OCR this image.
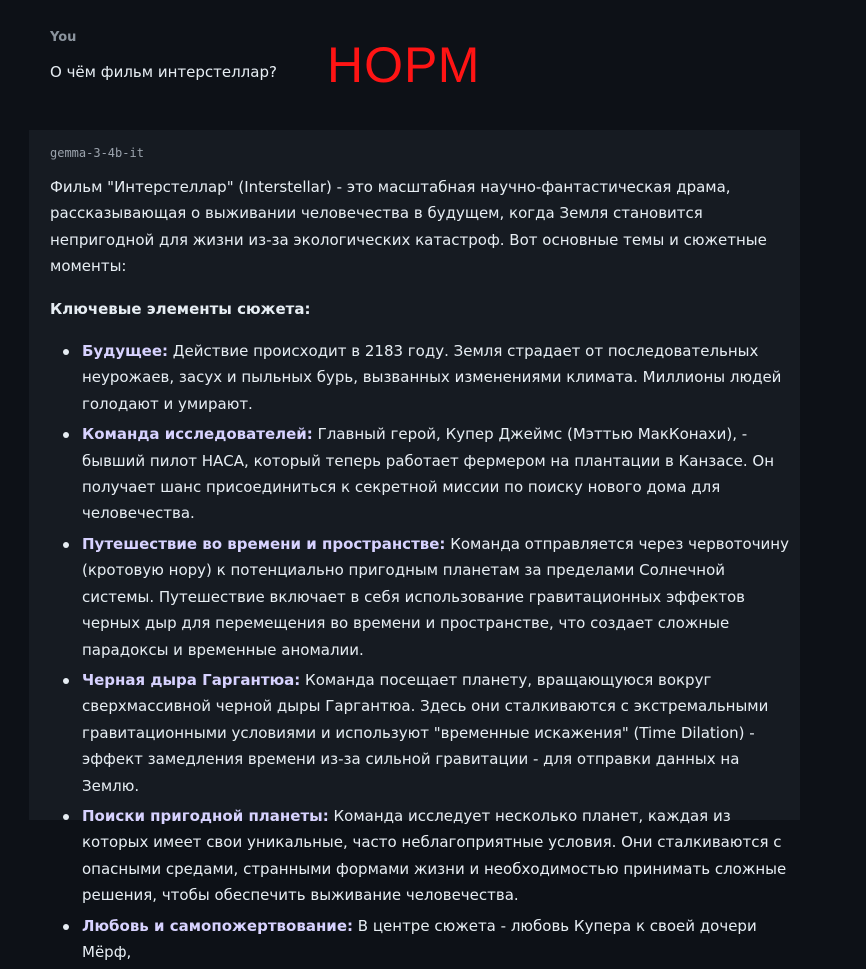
You

О чём фильм интерстеллар? НОРМ

gemma-3-4b-it

Фильм "Интерстеллар" (Interstellar) - это масштабная научно-фантастическая драма, рассказывающая о выживании человечества в будущем, когда Земля становится непригодной для жизни из-за экологических катастроф. Вот основные темы и сюжетные моменты:

Ключевые элементы сюжета:

Будущее: Действие происходит в 2183 году. Земля страдает от последовательных неурожаев, засух и пыльных бурь, вызванных изменениями климата. Миллионы людей голодают и умирают.
Команда исследователей: Главный герой, Купер Джеймс (Мэттью МакКонахи), - бывший пилот НАСА, который теперь работает фермером на плантации в Канзасе. Он получает шанс присоединиться к секретной миссии по поиску нового дома для человечества.
Путешествие во времени и пространстве: Команда отправляется через червоточину (кротовую нору) к потенциально пригодным планетам за пределами Солнечной системы. Путешествие включает в себя использование гравитационных эффектов черных дыр для перемещения во времени и пространстве, что создает сложные парадоксы и временные аномалии.
Черная дыра Гаргантюа: Команда посещает планету, вращающуюся вокруг сверхмассивной черной дыры Гаргантюа. Здесь они сталкиваются с экстремальными гравитационными условиями и используют "временные искажения" (Time Dilation) - эффект замедления времени из-за сильной гравитации - для отправки данных на Землю.
Поиски пригодной планеты: Команда исследует несколько планет, каждая из которых имеет свои уникальные, часто неблагоприятные условия. Они сталкиваются с опасными средами, странными формами жизни и необходимостью принимать сложные решения, чтобы обеспечить выживание человечества.
Любовь и самопожертвование: В центре сюжета - любовь Купера к своей дочери Мёрф,
